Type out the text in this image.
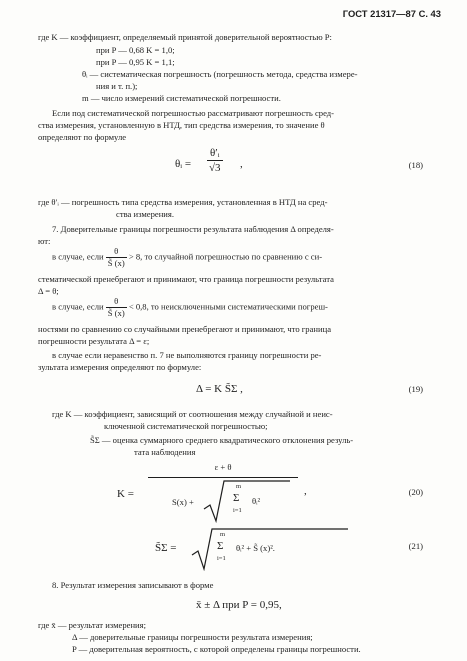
ГОСТ 21317—87 С. 43
где K — коэффициент, определяемый принятой доверительной вероятностью P:
при P — 0,68 K = 1,0;
при P — 0,95 K = 1,1;
θᵢ — систематическая погрешность (погрешность метода, средства измере-
ния и т. п.);
m — число измерений систематической погрешности.
Если под систематической погрешностью рассматривают погрешность сред-
ства измерения, установленную в НТД, тип средства измерения, то значение θ
определяют по формуле
θᵢ = $\frac{\text{θ′ᵢ}}{√3}$ ,	(18)
где θ′ᵢ — погрешность типа средства измерения, установленная в НТД на сред-
ства измерения.
7. Доверительные границы погрешности результата наблюдения Δ определя-
ют:
в случае, если $\frac{\theta}{S̃ (x)} > 8$, то случайной погрешностью по сравнению с си-
стематической пренебрегают и принимают, что граница погрешности результата
Δ = θ;
в случае, если $\frac{\theta}{S̃ (x)} < 0,8$, то неисключенными систематическими погреш-
ностями по сравнению со случайными пренебрегают и принимают, что граница
погрешности результата Δ = ε;
в случае если неравенство п. 7 не выполняются границу погрешности ре-
зультата измерения определяют по формуле:
Δ = K S̃Σ ,	(19)
где K — коэффициент, зависящий от соотношения между случайной и неис-
ключенной систематической погрешностью;
S̃Σ — оценка суммарного среднего квадратического отклонения резуль-
тата наблюдения
K =
ε + θ
S(x) +
m
Σ
i=1
θᵢ²
,	(20)
S̃Σ =
m
Σ
i=1
θᵢ² + S̃ (x)².	(21)
8. Результат измерения записывают в форме
x̄ ± Δ при P = 0,95,
где x̄ — результат измерения;
Δ — доверительные границы погрешности результата измерения;
P — доверительная вероятность, с которой определены границы погрешности.
